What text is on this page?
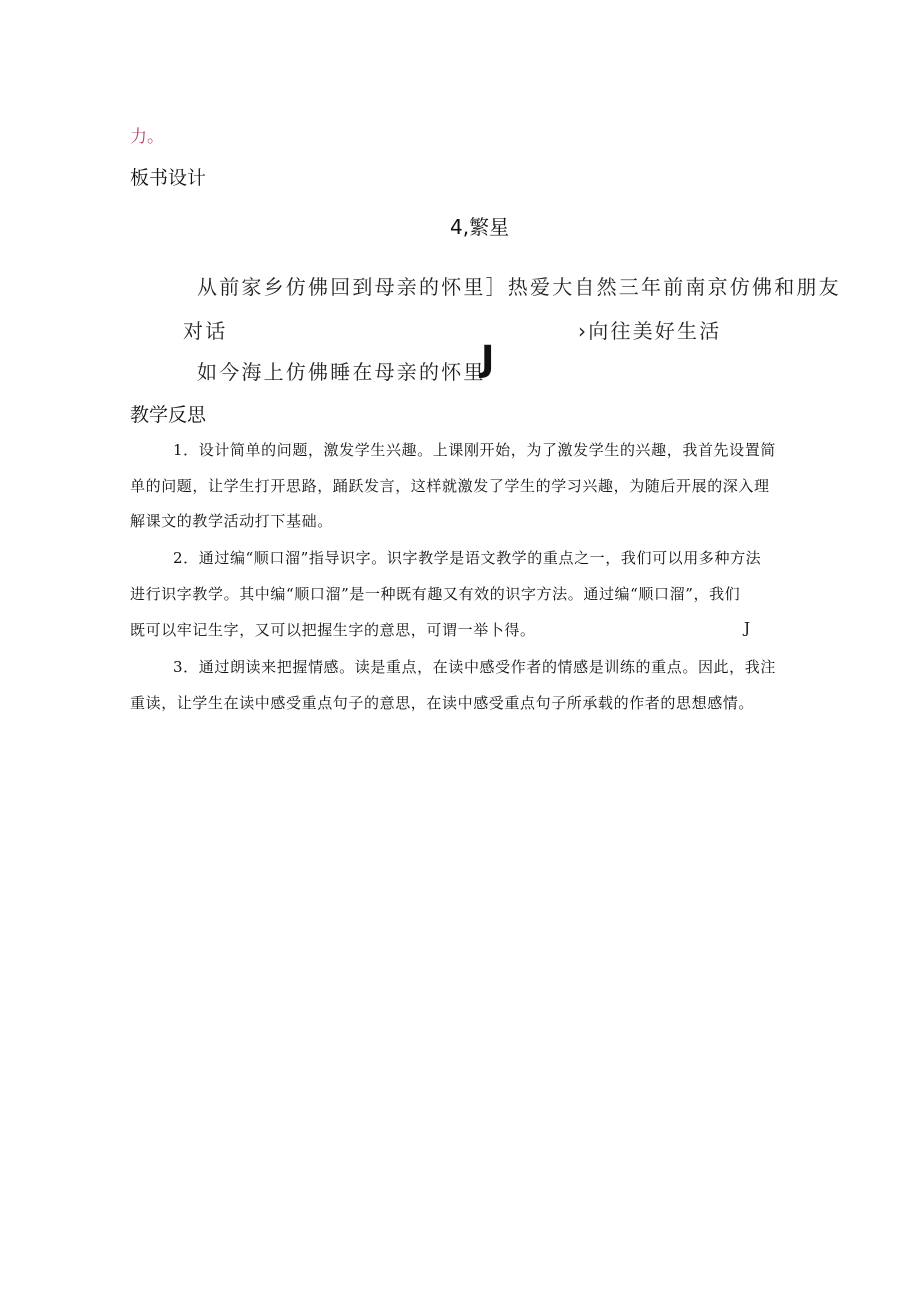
力。
板书设计
4,繁星
从前家乡仿佛回到母亲的怀里］热爱大自然三年前南京仿佛和朋友
对话	›向往美好生活
如今海上仿佛睡在母亲的怀里
J
教学反思
1．设计简单的问题，激发学生兴趣。上课刚开始，为了激发学生的兴趣，我首先设置简
单的问题，让学生打开思路，踊跃发言，这样就激发了学生的学习兴趣，为随后开展的深入理
解课文的教学活动打下基础。
2．通过编“顺口溜”指导识字。识字教学是语文教学的重点之一，我们可以用多种方法
进行识字教学。其中编“顺口溜”是一种既有趣又有效的识字方法。通过编“顺口溜”，我们
既可以牢记生字，又可以把握生字的意思，可谓一举卜得。	J
3．通过朗读来把握情感。读是重点，在读中感受作者的情感是训练的重点。因此，我注
重读，让学生在读中感受重点句子的意思，在读中感受重点句子所承载的作者的思想感情。
